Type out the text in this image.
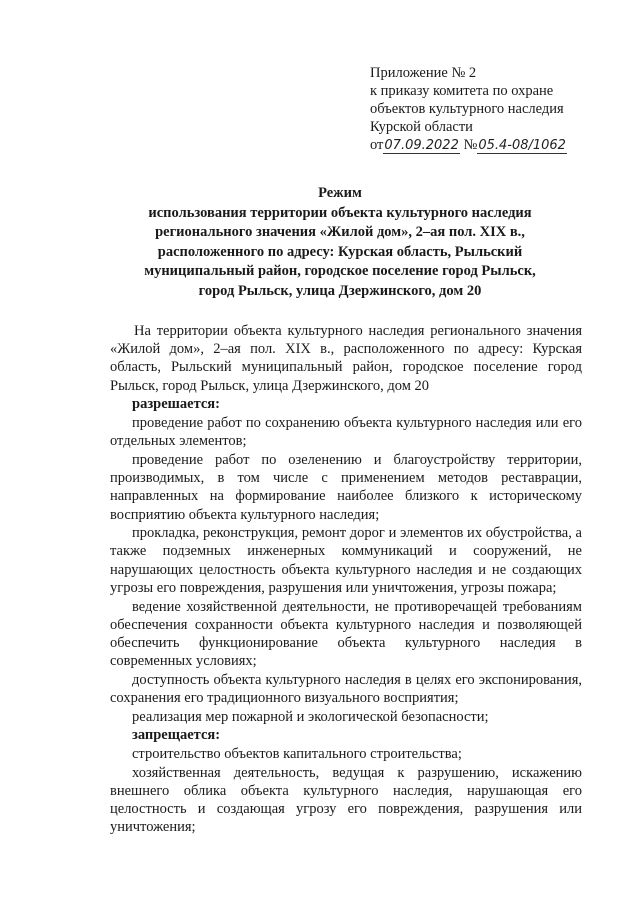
Приложение № 2
к приказу комитета по охране
объектов культурного наследия
Курской области
от07.09.2022 №05.4-08/1062
Режим
использования территории объекта культурного наследия
регионального значения «Жилой дом», 2–ая пол. XIX в.,
расположенного по адресу: Курская область, Рыльский
муниципальный район, городское поселение город Рыльск,
город Рыльск, улица Дзержинского, дом 20

На территории объекта культурного наследия регионального значения «Жилой дом», 2–ая пол. XIX в., расположенного по адресу: Курская область, Рыльский муниципальный район, городское поселение город Рыльск, город Рыльск, улица Дзержинского, дом 20

разрешается:

проведение работ по сохранению объекта культурного наследия или его отдельных элементов;

проведение работ по озеленению и благоустройству территории, производимых, в том числе с применением методов реставрации, направленных на формирование наиболее близкого к историческому восприятию объекта культурного наследия;

прокладка, реконструкция, ремонт дорог и элементов их обустройства, а также подземных инженерных коммуникаций и сооружений, не нарушающих целостность объекта культурного наследия и не создающих угрозы его повреждения, разрушения или уничтожения, угрозы пожара;

ведение хозяйственной деятельности, не противоречащей требованиям обеспечения сохранности объекта культурного наследия и позволяющей обеспечить функционирование объекта культурного наследия в современных условиях;

доступность объекта культурного наследия в целях его экспонирования, сохранения его традиционного визуального восприятия;

реализация мер пожарной и экологической безопасности;

запрещается:

строительство объектов капитального строительства;

хозяйственная деятельность, ведущая к разрушению, искажению внешнего облика объекта культурного наследия, нарушающая его целостность и создающая угрозу его повреждения, разрушения или уничтожения;
